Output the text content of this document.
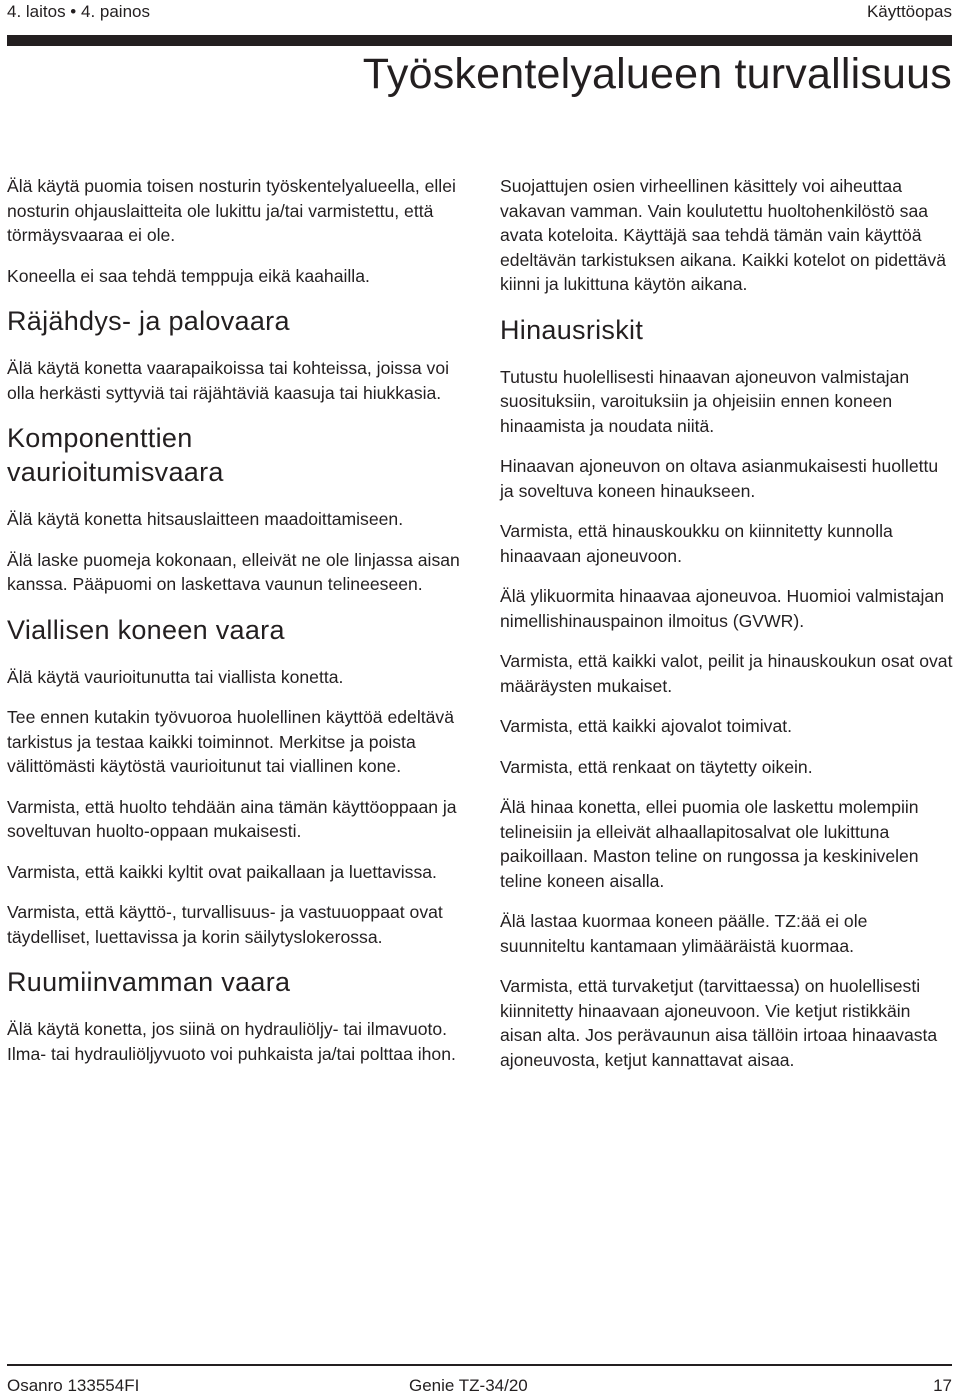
4. laitos • 4. painos	Käyttöopas
Työskentelyalueen turvallisuus

Älä käytä puomia toisen nosturin työskentelyalueella, ellei nosturin ohjauslaitteita ole lukittu ja/tai varmistettu, että törmäysvaaraa ei ole.

Koneella ei saa tehdä temppuja eikä kaahailla.

Räjähdys- ja palovaara

Älä käytä konetta vaarapaikoissa tai kohteissa, joissa voi olla herkästi syttyviä tai räjähtäviä kaasuja tai hiukkasia.

Komponenttien vaurioitumisvaara

Älä käytä konetta hitsauslaitteen maadoittamiseen.

Älä laske puomeja kokonaan, elleivät ne ole linjassa aisan kanssa. Pääpuomi on laskettava vaunun telineeseen.

Viallisen koneen vaara

Älä käytä vaurioitunutta tai viallista konetta.

Tee ennen kutakin työvuoroa huolellinen käyttöä edeltävä tarkistus ja testaa kaikki toiminnot. Merkitse ja poista välittömästi käytöstä vaurioitunut tai viallinen kone.

Varmista, että huolto tehdään aina tämän käyttöoppaan ja soveltuvan huolto-oppaan mukaisesti.

Varmista, että kaikki kyltit ovat paikallaan ja luettavissa.

Varmista, että käyttö-, turvallisuus- ja vastuuoppaat ovat täydelliset, luettavissa ja korin säilytyslokerossa.

Ruumiinvamman vaara

Älä käytä konetta, jos siinä on hydrauliöljy- tai ilmavuoto. Ilma- tai hydrauliöljyvuoto voi puhkaista ja/tai polttaa ihon.

Suojattujen osien virheellinen käsittely voi aiheuttaa vakavan vamman. Vain koulutettu huoltohenkilöstö saa avata koteloita. Käyttäjä saa tehdä tämän vain käyttöä edeltävän tarkistuksen aikana. Kaikki kotelot on pidettävä kiinni ja lukittuna käytön aikana.

Hinausriskit

Tutustu huolellisesti hinaavan ajoneuvon valmistajan suosituksiin, varoituksiin ja ohjeisiin ennen koneen hinaamista ja noudata niitä.

Hinaavan ajoneuvon on oltava asianmukaisesti huollettu ja soveltuva koneen hinaukseen.

Varmista, että hinauskoukku on kiinnitetty kunnolla hinaavaan ajoneuvoon.

Älä ylikuormita hinaavaa ajoneuvoa. Huomioi valmistajan nimellishinauspainon ilmoitus (GVWR).

Varmista, että kaikki valot, peilit ja hinauskoukun osat ovat määräysten mukaiset.

Varmista, että kaikki ajovalot toimivat.

Varmista, että renkaat on täytetty oikein.

Älä hinaa konetta, ellei puomia ole laskettu molempiin telineisiin ja elleivät alhaallapitosalvat ole lukittuna paikoillaan. Maston teline on rungossa ja keskinivelen teline koneen aisalla.

Älä lastaa kuormaa koneen päälle. TZ:ää ei ole suunniteltu kantamaan ylimääräistä kuormaa.

Varmista, että turvaketjut (tarvittaessa) on huolellisesti kiinnitetty hinaavaan ajoneuvoon. Vie ketjut ristikkäin aisan alta. Jos perävaunun aisa tällöin irtoaa hinaavasta ajoneuvosta, ketjut kannattavat aisaa.

Osanro 133554FI	Genie TZ-34/20	17
